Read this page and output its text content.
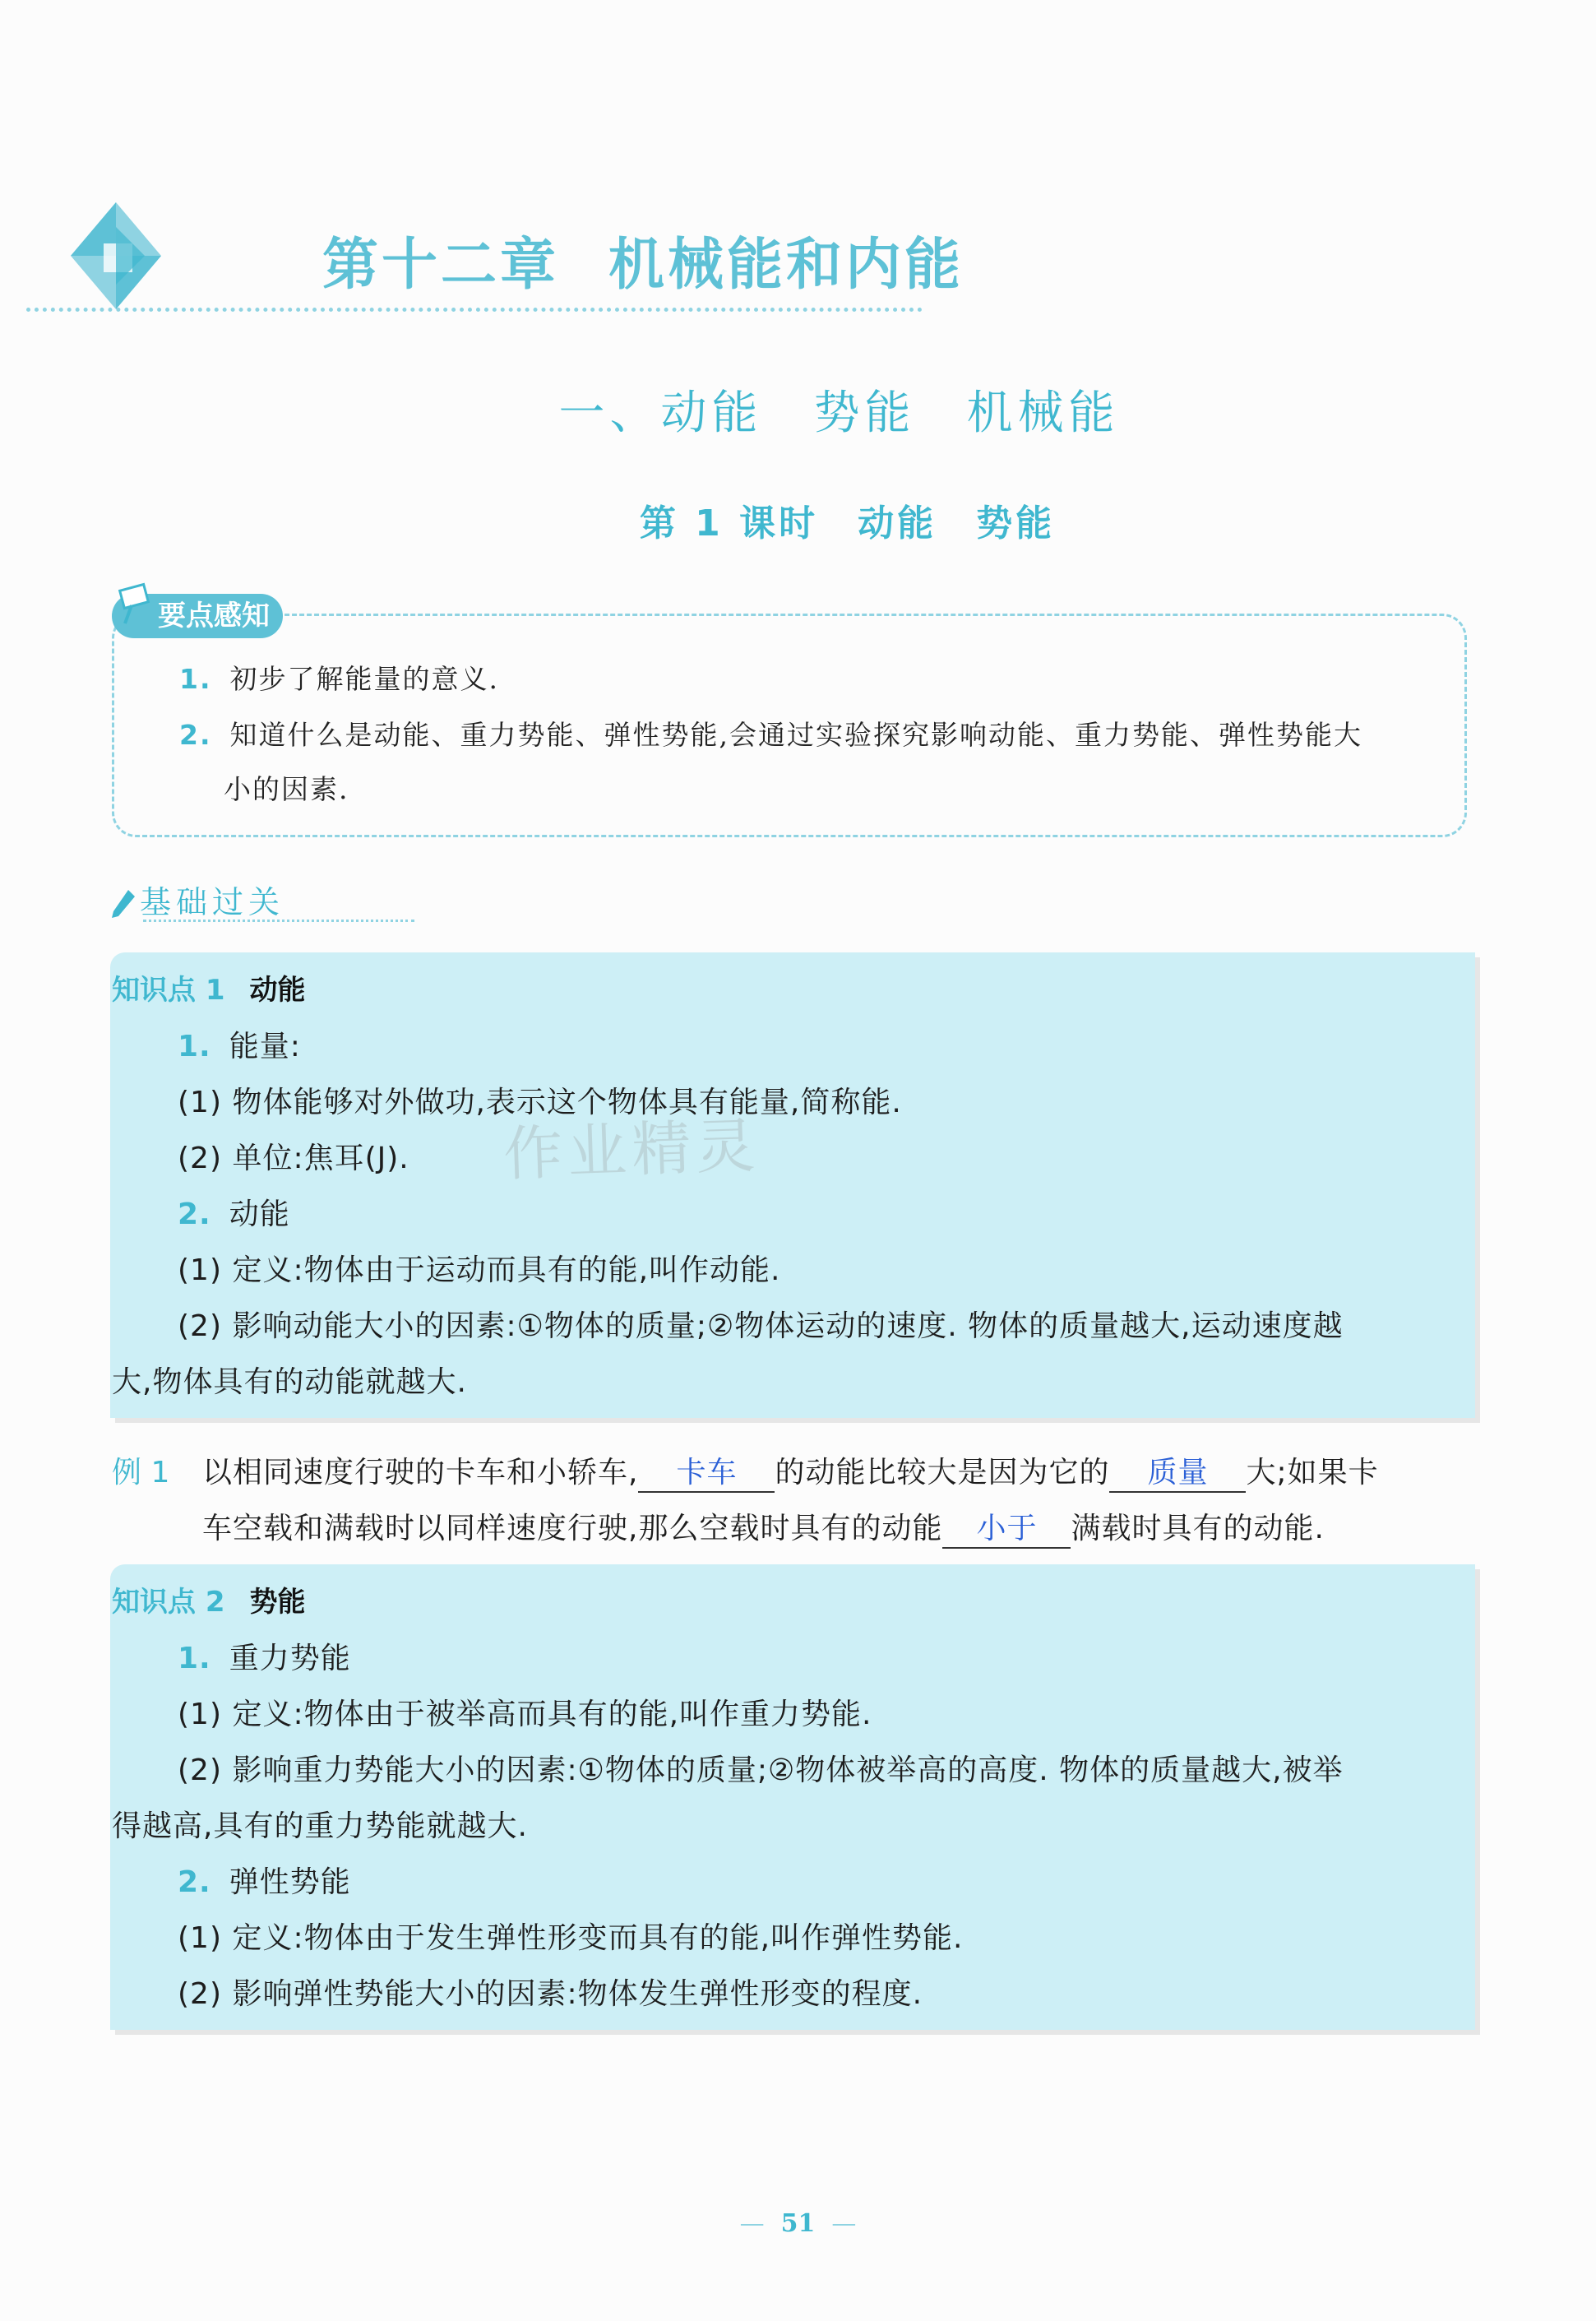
第十二章 机械能和内能
一、动能　势能　机械能
第 1 课时　动能　势能
要点感知
1. 初步了解能量的意义.
2. 知道什么是动能、重力势能、弹性势能,会通过实验探究影响动能、重力势能、弹性势能大
小的因素.
基础过关
知识点 1 动能
1. 能量:
(1) 物体能够对外做功,表示这个物体具有能量,简称能.
(2) 单位:焦耳(J).
2. 动能
(1) 定义:物体由于运动而具有的能,叫作动能.
(2) 影响动能大小的因素:①物体的质量;②物体运动的速度. 物体的质量越大,运动速度越
大,物体具有的动能就越大.
作业精灵
例 1 以相同速度行驶的卡车和小轿车, 卡车 的动能比较大是因为它的 质量 大;如果卡
车空载和满载时以同样速度行驶,那么空载时具有的动能 小于 满载时具有的动能.
知识点 2 势能
1. 重力势能
(1) 定义:物体由于被举高而具有的能,叫作重力势能.
(2) 影响重力势能大小的因素:①物体的质量;②物体被举高的高度. 物体的质量越大,被举
得越高,具有的重力势能就越大.
2. 弹性势能
(1) 定义:物体由于发生弹性形变而具有的能,叫作弹性势能.
(2) 影响弹性势能大小的因素:物体发生弹性形变的程度.
— 51 —
